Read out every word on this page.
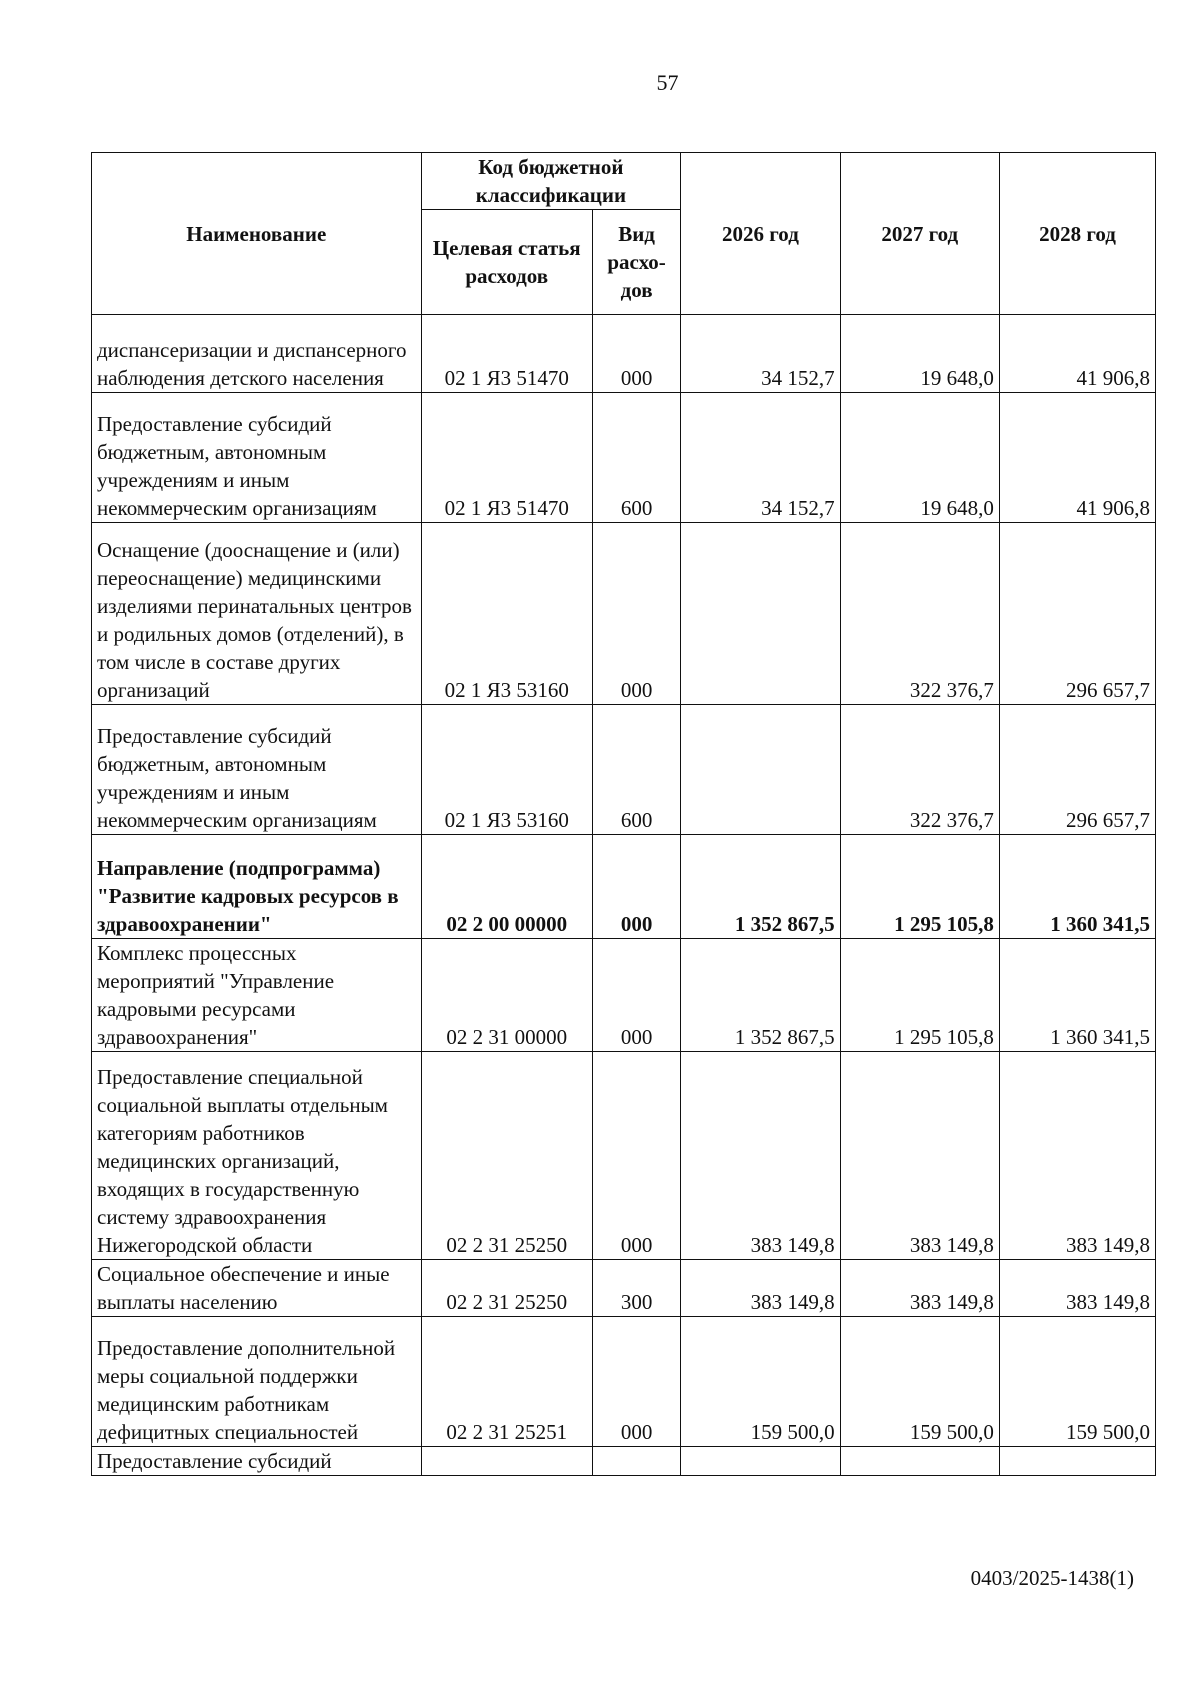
57
Наименование	Код бюджетной классификации		2026 год	2027 год	2028 год
	Целевая статья расходов	Вид расхо-дов			
диспансеризации и диспансерного наблюдения детского населения	02 1 Я3 51470	000	34 152,7	19 648,0	41 906,8
Предоставление субсидий бюджетным, автономным учреждениям и иным некоммерческим организациям	02 1 Я3 51470	600	34 152,7	19 648,0	41 906,8
Оснащение (дооснащение и (или) переоснащение) медицинскими изделиями перинатальных центров и родильных домов (отделений), в том числе в составе других организаций	02 1 Я3 53160	000		322 376,7	296 657,7
Предоставление субсидий бюджетным, автономным учреждениям и иным некоммерческим организациям	02 1 Я3 53160	600		322 376,7	296 657,7
Направление (подпрограмма) "Развитие кадровых ресурсов в здравоохранении"	02 2 00 00000	000	1 352 867,5	1 295 105,8	1 360 341,5
Комплекс процессных мероприятий "Управление кадровыми ресурсами здравоохранения"	02 2 31 00000	000	1 352 867,5	1 295 105,8	1 360 341,5
Предоставление специальной социальной выплаты отдельным категориям работников медицинских организаций, входящих в государственную систему здравоохранения Нижегородской области	02 2 31 25250	000	383 149,8	383 149,8	383 149,8
Социальное обеспечение и иные выплаты населению	02 2 31 25250	300	383 149,8	383 149,8	383 149,8
Предоставление дополнительной меры социальной поддержки медицинским работникам дефицитных специальностей	02 2 31 25251	000	159 500,0	159 500,0	159 500,0
Предоставление субсидий					
0403/2025-1438(1)
